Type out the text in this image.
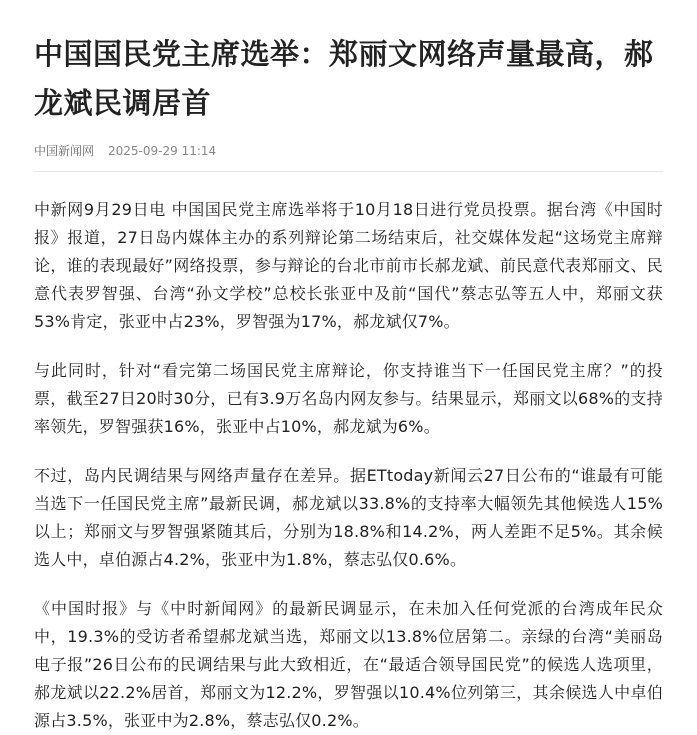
中国国民党主席选举：郑丽文网络声量最高，郝龙斌民调居首
中国新闻网 2025-09-29 11:14

中新网9月29日电 中国国民党主席选举将于10月18日进行党员投票。据台湾《中国时报》报道，27日岛内媒体主办的系列辩论第二场结束后，社交媒体发起“这场党主席辩论，谁的表现最好”网络投票，参与辩论的台北市前市长郝龙斌、前民意代表郑丽文、民意代表罗智强、台湾“孙文学校”总校长张亚中及前“国代”蔡志弘等五人中，郑丽文获53%肯定，张亚中占23%，罗智强为17%，郝龙斌仅7%。

与此同时，针对“看完第二场国民党主席辩论，你支持谁当下一任国民党主席？”的投票，截至27日20时30分，已有3.9万名岛内网友参与。结果显示，郑丽文以68%的支持率领先，罗智强获16%，张亚中占10%，郝龙斌为6%。

不过，岛内民调结果与网络声量存在差异。据ETtoday新闻云27日公布的“谁最有可能当选下一任国民党主席”最新民调，郝龙斌以33.8%的支持率大幅领先其他候选人15%以上；郑丽文与罗智强紧随其后，分别为18.8%和14.2%，两人差距不足5%。其余候选人中，卓伯源占4.2%，张亚中为1.8%，蔡志弘仅0.6%。

《中国时报》与《中时新闻网》的最新民调显示，在未加入任何党派的台湾成年民众中，19.3%的受访者希望郝龙斌当选，郑丽文以13.8%位居第二。亲绿的台湾“美丽岛电子报”26日公布的民调结果与此大致相近，在“最适合领导国民党”的候选人选项里，郝龙斌以22.2%居首，郑丽文为12.2%，罗智强以10.4%位列第三，其余候选人中卓伯源占3.5%，张亚中为2.8%，蔡志弘仅0.2%。
